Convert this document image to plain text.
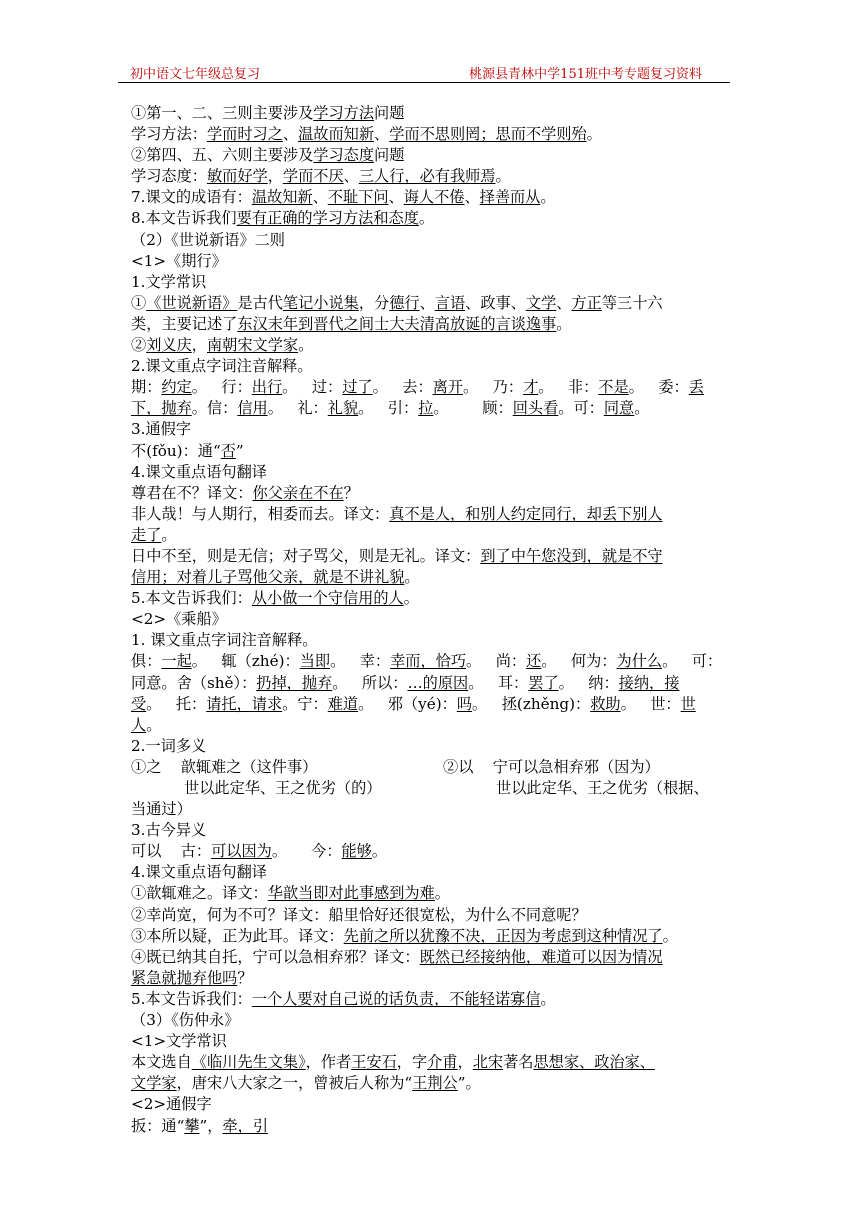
初中语文七年级总复习	桃源县青林中学151班中考专题复习资料
①第一、二、三则主要涉及学习方法问题
学习方法：学而时习之、温故而知新、学而不思则罔；思而不学则殆。
②第四、五、六则主要涉及学习态度问题
学习态度：敏而好学，学而不厌、三人行，必有我师焉。
7.课文的成语有：温故知新、不耻下问、诲人不倦、择善而从。
8.本文告诉我们要有正确的学习方法和态度。
（2）《世说新语》二则
<1>《期行》
1.文学常识
①《世说新语》是古代笔记小说集，分德行、言语、政事、文学、方正等三十六
类，主要记述了东汉末年到晋代之间士大夫清高放诞的言谈逸事。
②刘义庆，南朝宋文学家。
2.课文重点字词注音解释。
期：约定。   行：出行。   过：过了。   去：离开。   乃：才。   非：不是。   委：丢
下，抛弃。信：信用。   礼：礼貌。   引：拉。       顾：回头看。可：同意。
3.通假字
不(fǒu)：通“否”
4.课文重点语句翻译
尊君在不？译文：你父亲在不在？
非人哉！与人期行，相委而去。译文：真不是人，和别人约定同行，却丢下别人
走了。
日中不至，则是无信；对子骂父，则是无礼。译文：到了中午您没到，就是不守
信用；对着儿子骂他父亲，就是不讲礼貌。
5.本文告诉我们：从小做一个守信用的人。
<2>《乘船》
1. 课文重点字词注音解释。
俱：一起。   辄（zhé)：当即。   幸：幸而，恰巧。   尚：还。   何为：为什么。   可：
同意。舍（shě）：扔掉，抛弃。   所以：…的原因。   耳：罢了。   纳：接纳，接
受。   托：请托，请求。宁：难道。   邪（yé)：吗。   拯(zhěng)：救助。   世：世
人。
2.一词多义
①之    歆辄难之（这件事）	②以    宁可以急相弃邪（因为）
世以此定华、王之优劣（的）	世以此定华、王之优劣（根据、
当通过）
3.古今异义
可以    古：可以因为。     今：能够。
4.课文重点语句翻译
①歆辄难之。译文：华歆当即对此事感到为难。
②幸尚宽，何为不可？译文：船里恰好还很宽松，为什么不同意呢？
③本所以疑，正为此耳。译文：先前之所以犹豫不决，正因为考虑到这种情况了。
④既已纳其自托，宁可以急相弃邪？译文：既然已经接纳他，难道可以因为情况
紧急就抛弃他吗？
5.本文告诉我们：一个人要对自己说的话负责，不能轻诺寡信。
（3）《伤仲永》
<1>文学常识
本文选自《临川先生文集》，作者王安石，字介甫，北宋著名思想家、政治家、
文学家，唐宋八大家之一，曾被后人称为“王荆公”。
<2>通假字
扳：通“攀”，牵，引
